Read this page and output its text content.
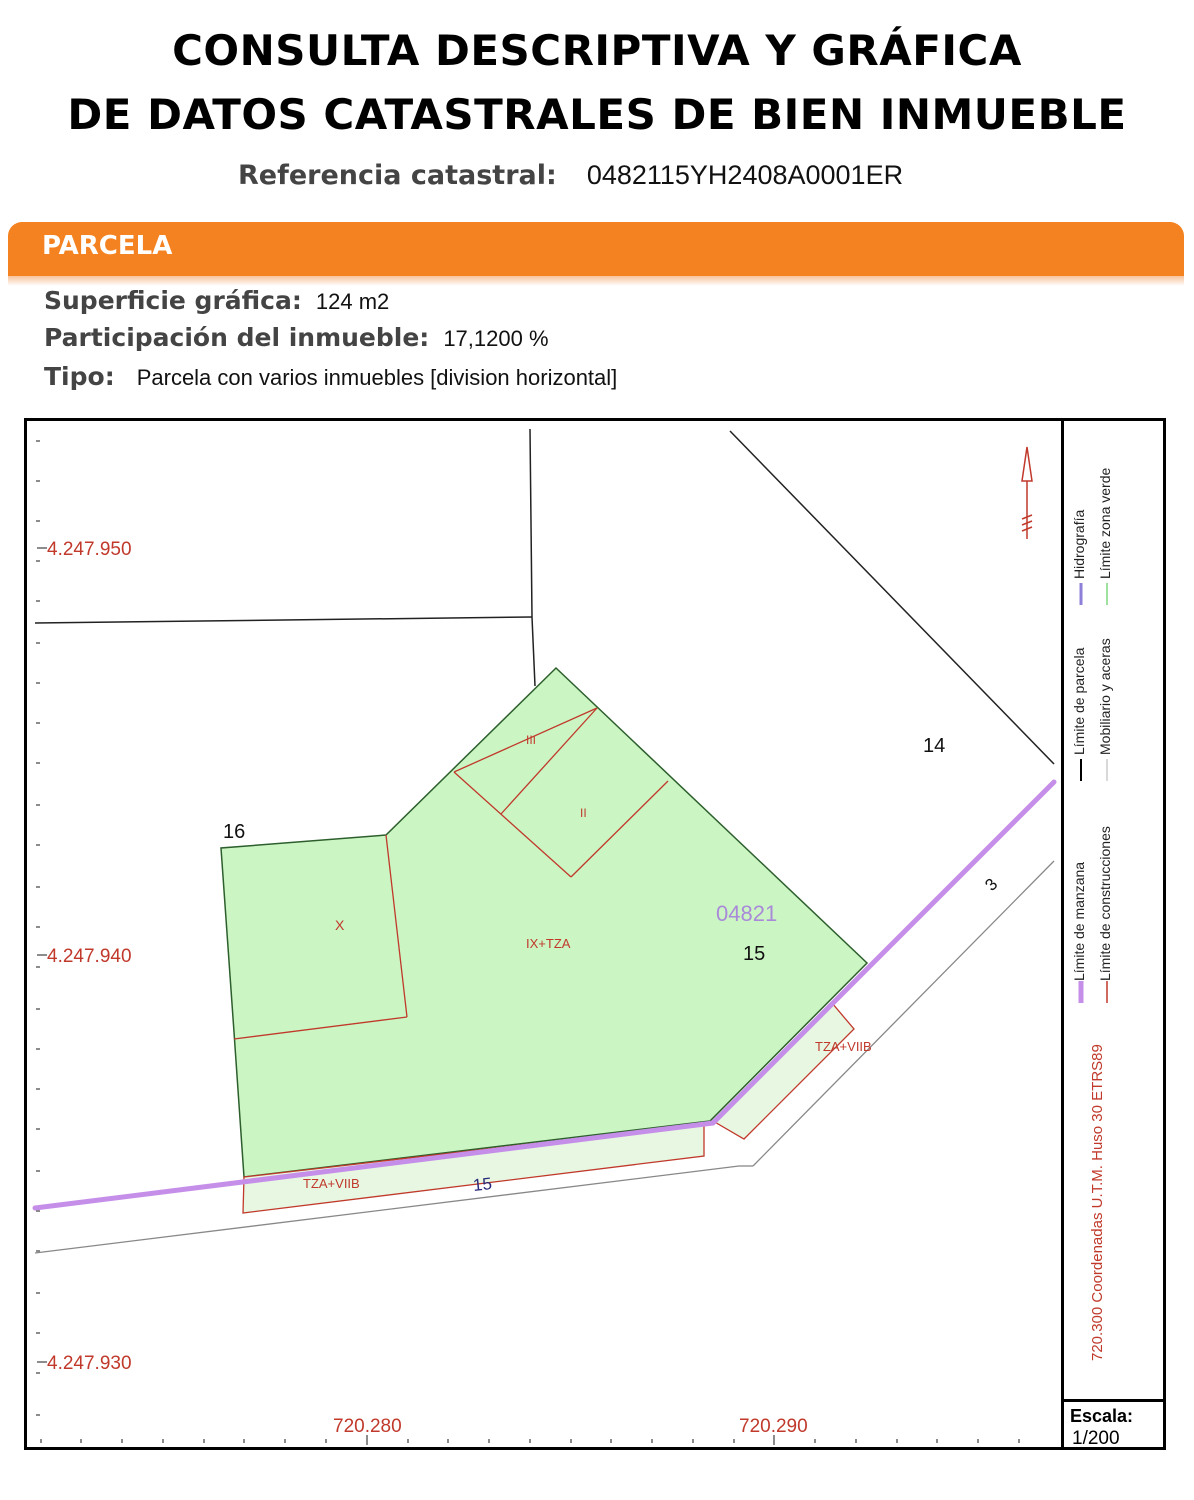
CONSULTA DESCRIPTIVA Y GRÁFICA
DE DATOS CATASTRALES DE BIEN INMUEBLE
Referencia catastral: 0482115YH2408A0001ER
PARCELA
Superficie gráfica: 124 m2
Participación del inmueble: 17,1200 %
Tipo: Parcela con varios inmuebles [division horizontal]
4.247.950
4.247.940
4.247.930
720.280	720.290
16
14
15
15
3
04821
III
II
X
IX+TZA
TZA+VIIB
TZA+VIIB
Límite de manzana Límite de construcciones
Límite de parcela Mobiliario y aceras
Hidrografía Límite zona verde
720.300 Coordenadas U.T.M. Huso 30 ETRS89
Escala:
1/200
